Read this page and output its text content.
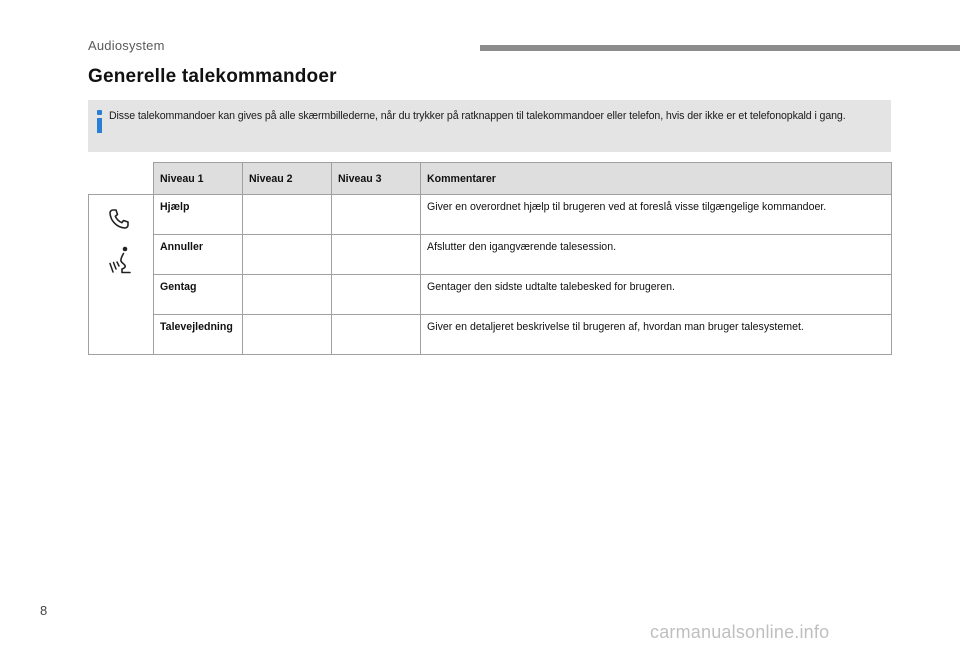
Audiosystem
Generelle talekommandoer
Disse talekommandoer kan gives på alle skærmbillederne, når du trykker på ratknappen til talekommandoer eller telefon, hvis der ikke er et telefonopkald i gang.
	Niveau 1	Niveau 2	Niveau 3	Kommentarer

	Hjælp			Giver en overordnet hjælp til brugeren ved at foreslå visse tilgængelige kommandoer.
	Annuller			Afslutter den igangværende talesession.
	Gentag			Gentager den sidste udtalte talebesked for brugeren.
	Talevejledning			Giver en detaljeret beskrivelse til brugeren af, hvordan man bruger talesystemet.
8
carmanualsonline.info
